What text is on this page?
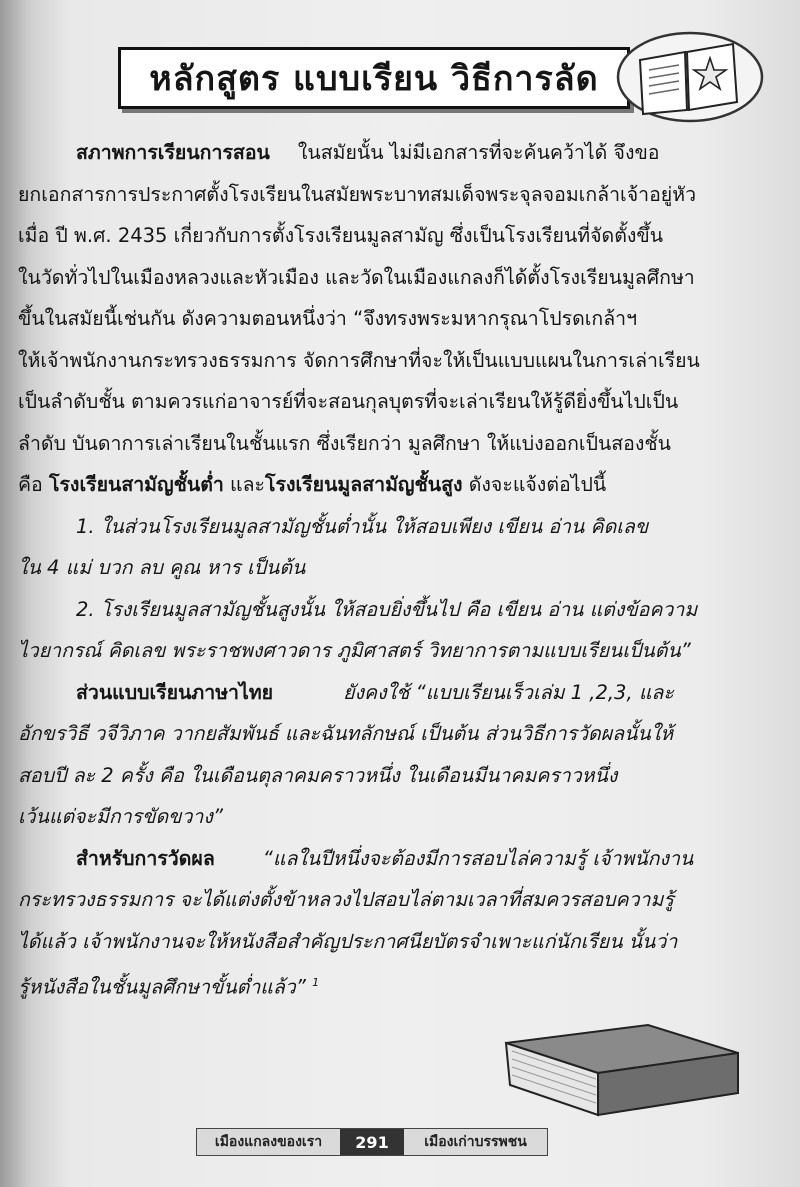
หลักสูตร แบบเรียน วิธีการลัด
สภาพการเรียนการสอน ในสมัยนั้น ไม่มีเอกสารที่จะค้นคว้าได้ จึงขอ
ยกเอกสารการประกาศตั้งโรงเรียนในสมัยพระบาทสมเด็จพระจุลจอมเกล้าเจ้าอยู่หัว
เมื่อ ปี พ.ศ. 2435 เกี่ยวกับการตั้งโรงเรียนมูลสามัญ ซึ่งเป็นโรงเรียนที่จัดตั้งขึ้น
ในวัดทั่วไปในเมืองหลวงและหัวเมือง และวัดในเมืองแกลงก็ได้ตั้งโรงเรียนมูลศึกษา
ขึ้นในสมัยนี้เช่นกัน ดังความตอนหนึ่งว่า “จึงทรงพระมหากรุณาโปรดเกล้าฯ
ให้เจ้าพนักงานกระทรวงธรรมการ จัดการศึกษาที่จะให้เป็นแบบแผนในการเล่าเรียน
เป็นลำดับชั้น ตามควรแก่อาจารย์ที่จะสอนกุลบุตรที่จะเล่าเรียนให้รู้ดียิ่งขึ้นไปเป็น
ลำดับ บันดาการเล่าเรียนในชั้นแรก ซึ่งเรียกว่า มูลศึกษา ให้แบ่งออกเป็นสองชั้น
คือ โรงเรียนสามัญชั้นต่ำ และโรงเรียนมูลสามัญชั้นสูง ดังจะแจ้งต่อไปนี้
1. ในส่วนโรงเรียนมูลสามัญชั้นต่ำนั้น ให้สอบเพียง เขียน อ่าน คิดเลข
ใน 4 แม่ บวก ลบ คูณ หาร เป็นต้น
2. โรงเรียนมูลสามัญชั้นสูงนั้น ให้สอบยิ่งขึ้นไป คือ เขียน อ่าน แต่งข้อความ
ไวยากรณ์ คิดเลข พระราชพงศาวดาร ภูมิศาสตร์ วิทยาการตามแบบเรียนเป็นต้น”
ส่วนแบบเรียนภาษาไทย	ยังคงใช้ “แบบเรียนเร็วเล่ม 1 ,2,3, และ
อักขรวิธี วจีวิภาค วากยสัมพันธ์ และฉันทลักษณ์ เป็นต้น ส่วนวิธีการวัดผลนั้นให้
สอบปี ละ 2 ครั้ง คือ ในเดือนตุลาคมคราวหนึ่ง ในเดือนมีนาคมคราวหนึ่ง
เว้นแต่จะมีการขัดขวาง”
สำหรับการวัดผล “แลในปีหนึ่งจะต้องมีการสอบไล่ความรู้ เจ้าพนักงาน
กระทรวงธรรมการ จะได้แต่งตั้งข้าหลวงไปสอบไล่ตามเวลาที่สมควรสอบความรู้
ได้แล้ว เจ้าพนักงานจะให้หนังสือสำคัญประกาศนียบัตรจำเพาะแก่นักเรียน นั้นว่า
รู้หนังสือในชั้นมูลศึกษาขั้นต่ำแล้ว” $^1$
เมืองแกลงของเรา	291	เมืองเก่าบรรพชน
